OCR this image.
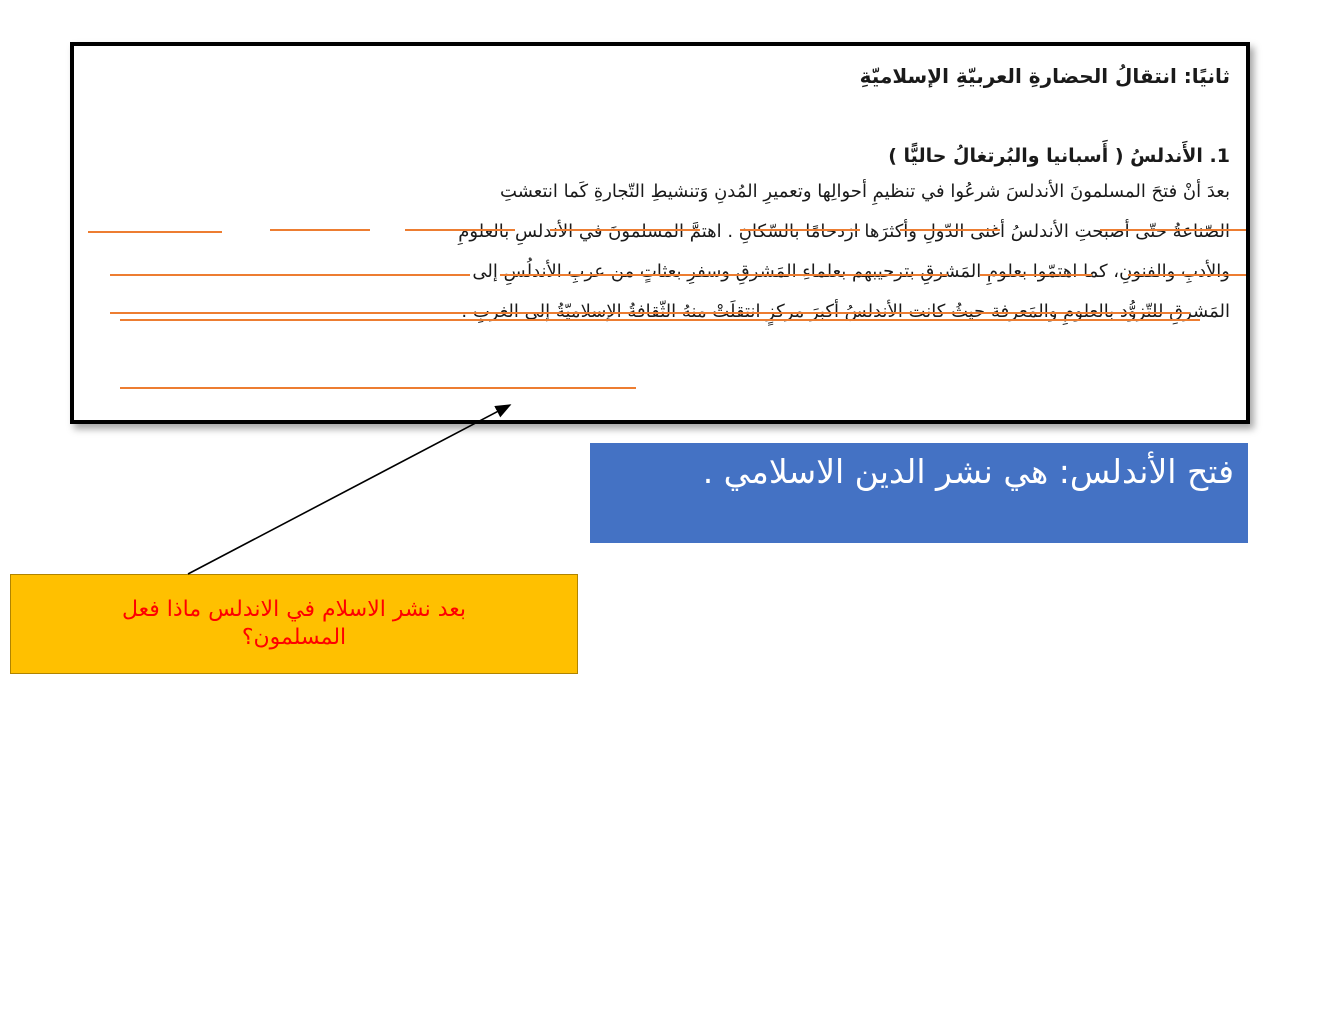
ثانيًا: انتقالُ الحضارةِ العربيّةِ الإسلاميّةِ
1. الأَندلسُ ( أَسبانيا والبُرتغالُ حاليًّا )
بعدَ أنْ فتحَ المسلمونَ الأندلسَ شرعُوا في تنظيمِ أحوالِها وتعميرِ المُدنِ وَتنشيطِ التّجارةِ كَما انتعشتِ
الصّناعةُ حتّى أصبحتِ الأندلسُ أغنى الدّولِ وأكثرَها ازدحامًا بالسّكانِ . اهتمَّ المسلمونَ في الأندلسِ بالعلومِ
والأدبِ والفنونِ، كما اهتمّوا بعلومِ المَشرقِ بترحيبهم بعلماءِ المَشرقِ وسفرِ بعثاتٍ من عربِ الأندلُسِ إلى
المَشرقِ للتّزوُّدِ بالعلومِ والمَعرفةِ حيثُ كانتِ الأندلسُ أكبرَ مركزٍ انتقلَتْ منهُ الثّقافةُ الإسلاميّةُ إلى الغربِ .
فتح الأندلس: هي نشر الدين الاسلامي .
بعد نشر الاسلام في الاندلس ماذا فعل المسلمون؟
